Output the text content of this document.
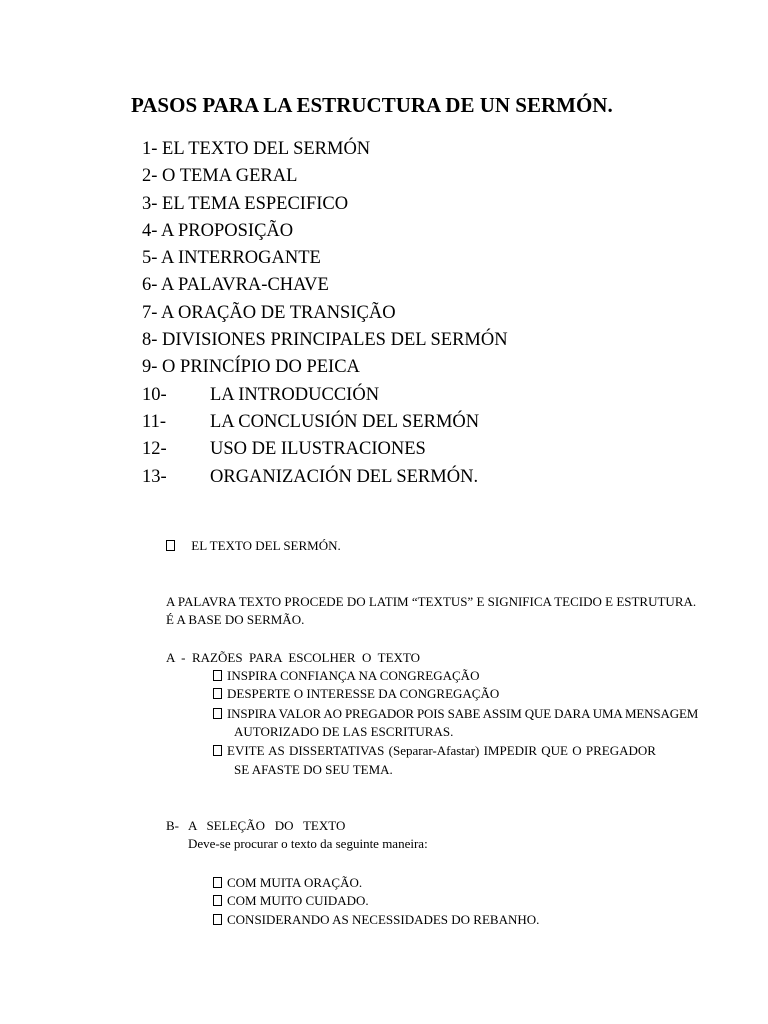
PASOS PARA LA ESTRUCTURA DE UN SERMÓN.
1- EL TEXTO DEL SERMÓN
2- O TEMA GERAL
3- EL TEMA ESPECIFICO
4- A PROPOSIÇÃO
5- A INTERROGANTE
6- A PALAVRA-CHAVE
7- A ORAÇÃO DE TRANSIÇÃO
8- DIVISIONES PRINCIPALES DEL SERMÓN
9- O PRINCÍPIO DO PEICA
10- LA INTRODUCCIÓN
11- LA CONCLUSIÓN DEL SERMÓN
12- USO DE ILUSTRACIONES
13- ORGANIZACIÓN DEL SERMÓN.
EL TEXTO DEL SERMÓN.
A PALAVRA TEXTO PROCEDE DO LATIM “TEXTUS” E SIGNIFICA TECIDO E ESTRUTURA.
É A BASE DO SERMÃO.
A  -  RAZÕES  PARA  ESCOLHER  O  TEXTO
INSPIRA CONFIANÇA NA CONGREGAÇÃO
DESPERTE O INTERESSE DA CONGREGAÇÃO
INSPIRA VALOR AO PREGADOR POIS SABE ASSIM QUE DARA UMA MENSAGEM
AUTORIZADO DE LAS ESCRITURAS.
EVITE AS DISSERTATIVAS (Separar-Afastar) IMPEDIR QUE O PREGADOR
SE AFASTE DO SEU TEMA.
B-   A   SELEÇÃO   DO   TEXTO
Deve-se procurar o texto da seguinte maneira:
COM MUITA ORAÇÃO.
COM MUITO CUIDADO.
CONSIDERANDO AS NECESSIDADES DO REBANHO.
